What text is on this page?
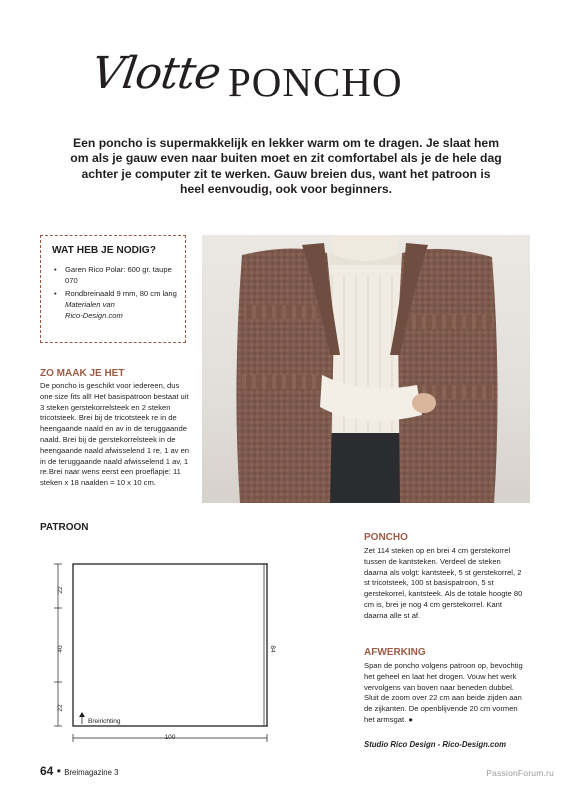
Vlotte PONCHO
Een poncho is supermakkelijk en lekker warm om te dragen. Je slaat hem om als je gauw even naar buiten moet en zit comfortabel als je de hele dag achter je computer zit te werken. Gauw breien dus, want het patroon is heel eenvoudig, ook voor beginners.
WAT HEB JE NODIG?
• Garen Rico Polar: 600 gr. taupe 070
• Rondbreinaald 9 mm, 80 cm lang
Materialen van
Rico-Design.com
ZO MAAK JE HET
De poncho is geschikt voor iedereen, dus one size fits all! Het basispatroon bestaat uit 3 steken gerstekorrelsteek en 2 steken tricotsteek. Brei bij de tricotsteek re in de heengaande naald en av in de teruggaande naald. Brei bij de gerstekorrelsteek in de heengaande naald afwisselend 1 re, 1 av en in de teruggaande naald afwisselend 1 av, 1 re.Brei naar wens eerst een proeflapje: 11 steken x 18 naalden = 10 x 10 cm.
PATROON
22
40
22
84
100
Breirichting
PONCHO
Zet 114 steken op en brei 4 cm gerstekorrel tussen de kantsteken. Verdeel de steken daarna als volgt: kantsteek, 5 st gerstekorrel, 2 st tricotsteek, 100 st basispatroon, 5 st gerstekorrel, kantsteek. Als de totale hoogte 80 cm is, brei je nog 4 cm gerstekorrel. Kant daarna alle st af.
AFWERKING
Span de poncho volgens patroon op, bevochtig het geheel en laat het drogen. Vouw het werk vervolgens van boven naar beneden dubbel. Sluit de zoom over 22 cm aan beide zijden aan de zijkanten. De openblijvende 20 cm vormen het armsgat. ●
Studio Rico Design - Rico-Design.com
64 • Breimagazine 3	PassionForum.ru
